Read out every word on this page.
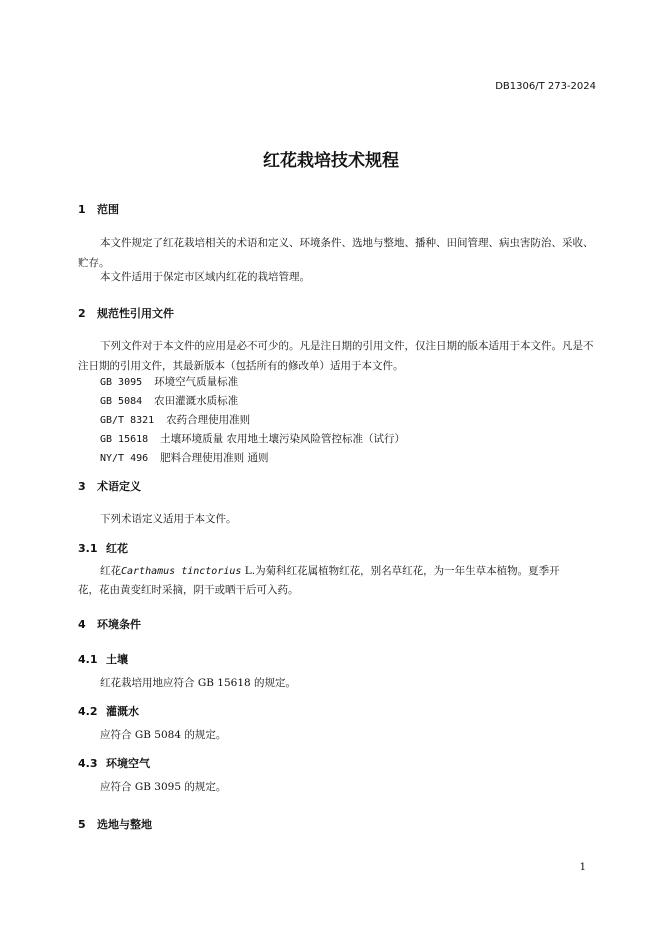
DB1306/T 273-2024
红花栽培技术规程
1 范围
本文件规定了红花栽培相关的术语和定义、环境条件、选地与整地、播种、田间管理、病虫害防治、采收、贮存。
本文件适用于保定市区域内红花的栽培管理。
2 规范性引用文件
下列文件对于本文件的应用是必不可少的。凡是注日期的引用文件，仅注日期的版本适用于本文件。凡是不注日期的引用文件，其最新版本（包括所有的修改单）适用于本文件。
GB 3095 环境空气质量标准
GB 5084 农田灌溉水质标准
GB/T 8321 农药合理使用准则
GB 15618 土壤环境质量 农用地土壤污染风险管控标准（试行）
NY/T 496 肥料合理使用准则 通则
3 术语定义
下列术语定义适用于本文件。
3.1 红花
红花Carthamus tinctorius L.为菊科红花属植物红花，别名草红花，为一年生草本植物。夏季开
花，花由黄变红时采摘，阴干或晒干后可入药。
4 环境条件
4.1 土壤
红花栽培用地应符合 GB 15618 的规定。
4.2 灌溉水
应符合 GB 5084 的规定。
4.3 环境空气
应符合 GB 3095 的规定。
5 选地与整地
1
